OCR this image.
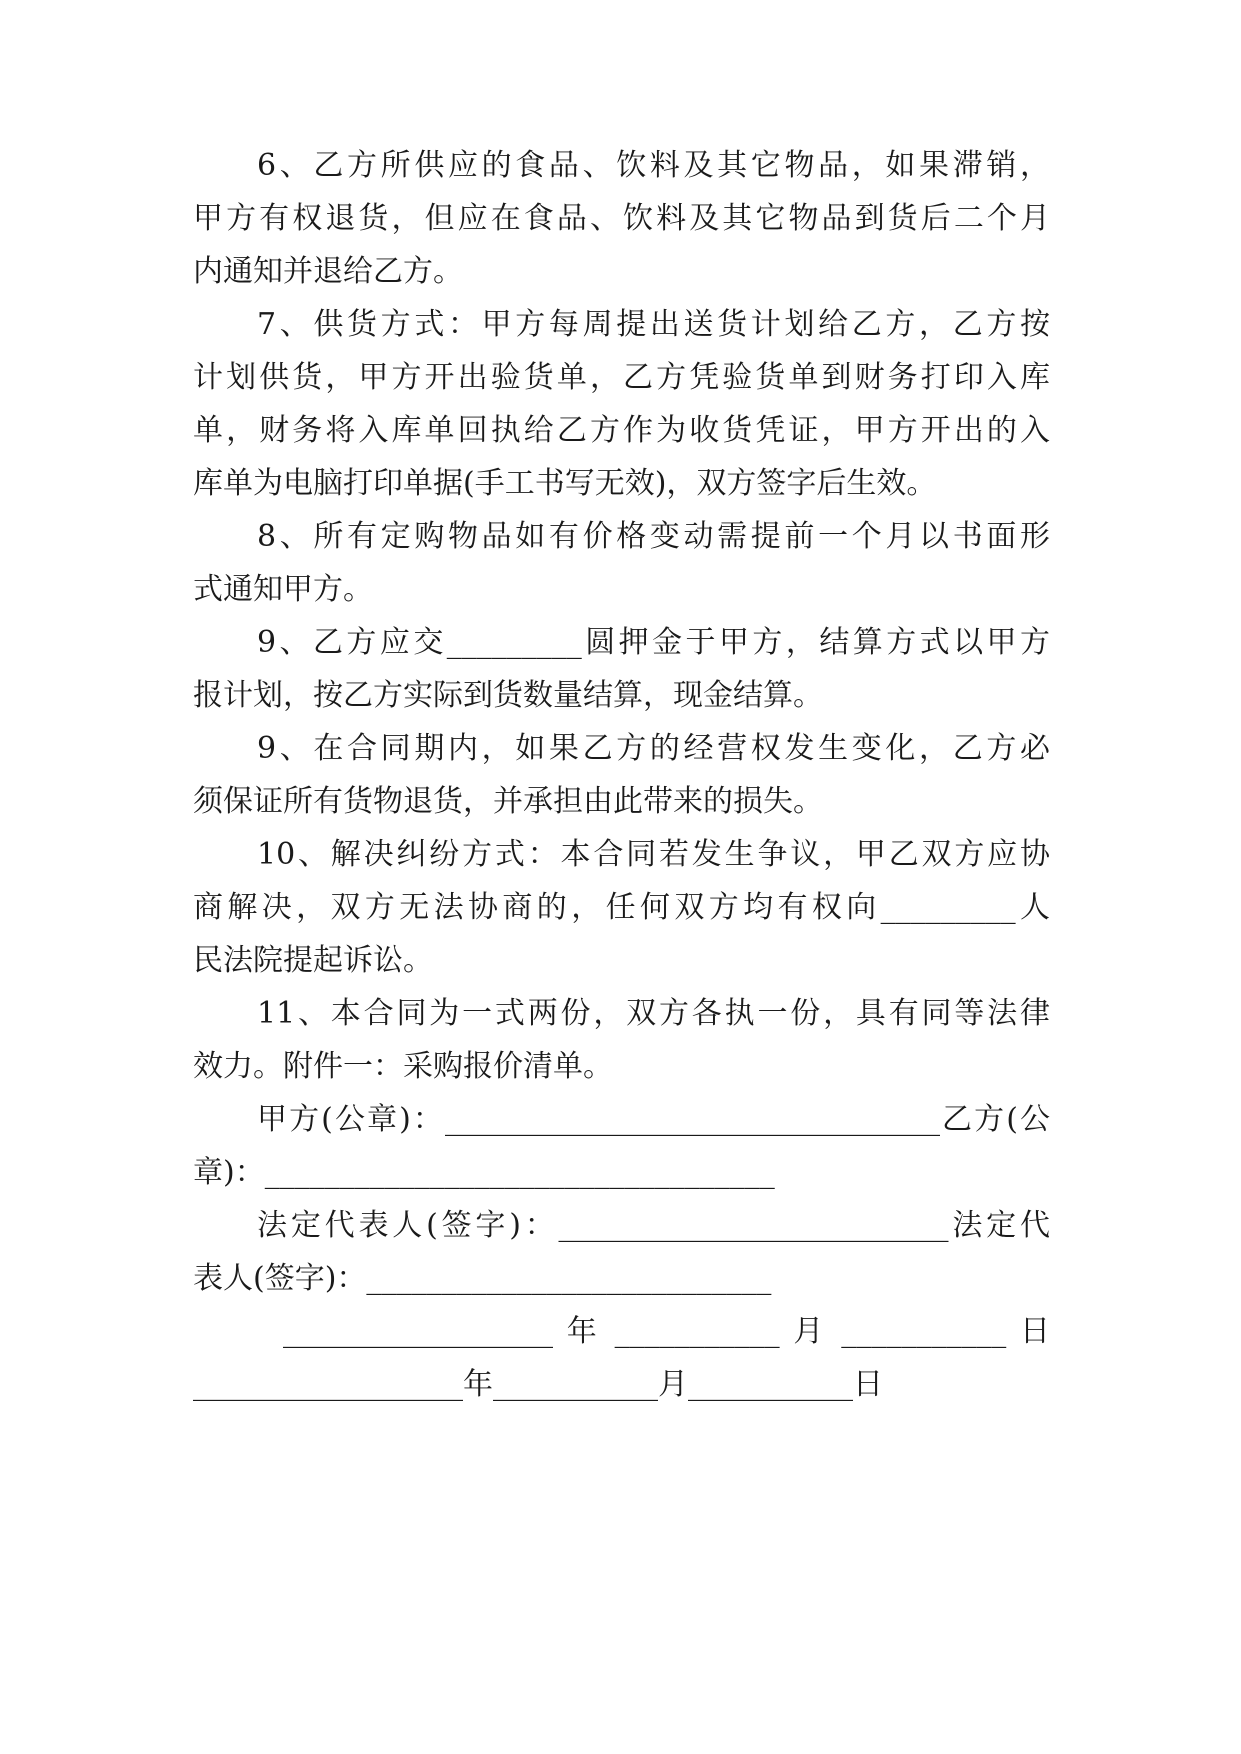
6、乙方所供应的食品、饮料及其它物品，如果滞销，
甲方有权退货，但应在食品、饮料及其它物品到货后二个月
内通知并退给乙方。
7、供货方式：甲方每周提出送货计划给乙方，乙方按
计划供货，甲方开出验货单，乙方凭验货单到财务打印入库
单，财务将入库单回执给乙方作为收货凭证，甲方开出的入
库单为电脑打印单据(手工书写无效)，双方签字后生效。
8、所有定购物品如有价格变动需提前一个月以书面形
式通知甲方。
9、乙方应交_________圆押金于甲方，结算方式以甲方
报计划，按乙方实际到货数量结算，现金结算。
9、在合同期内，如果乙方的经营权发生变化，乙方必
须保证所有货物退货，并承担由此带来的损失。
10、解决纠纷方式：本合同若发生争议，甲乙双方应协
商解决，双方无法协商的，任何双方均有权向_________人
民法院提起诉讼。
11、本合同为一式两份，双方各执一份，具有同等法律
效力。附件一：采购报价清单。
甲方(公章)：_________________________________乙方(公
章)：__________________________________
法定代表人(签字)：__________________________法定代
表人(签字)：___________________________
__________________ 年 ___________ 月 ___________ 日
__________________年___________月___________日
